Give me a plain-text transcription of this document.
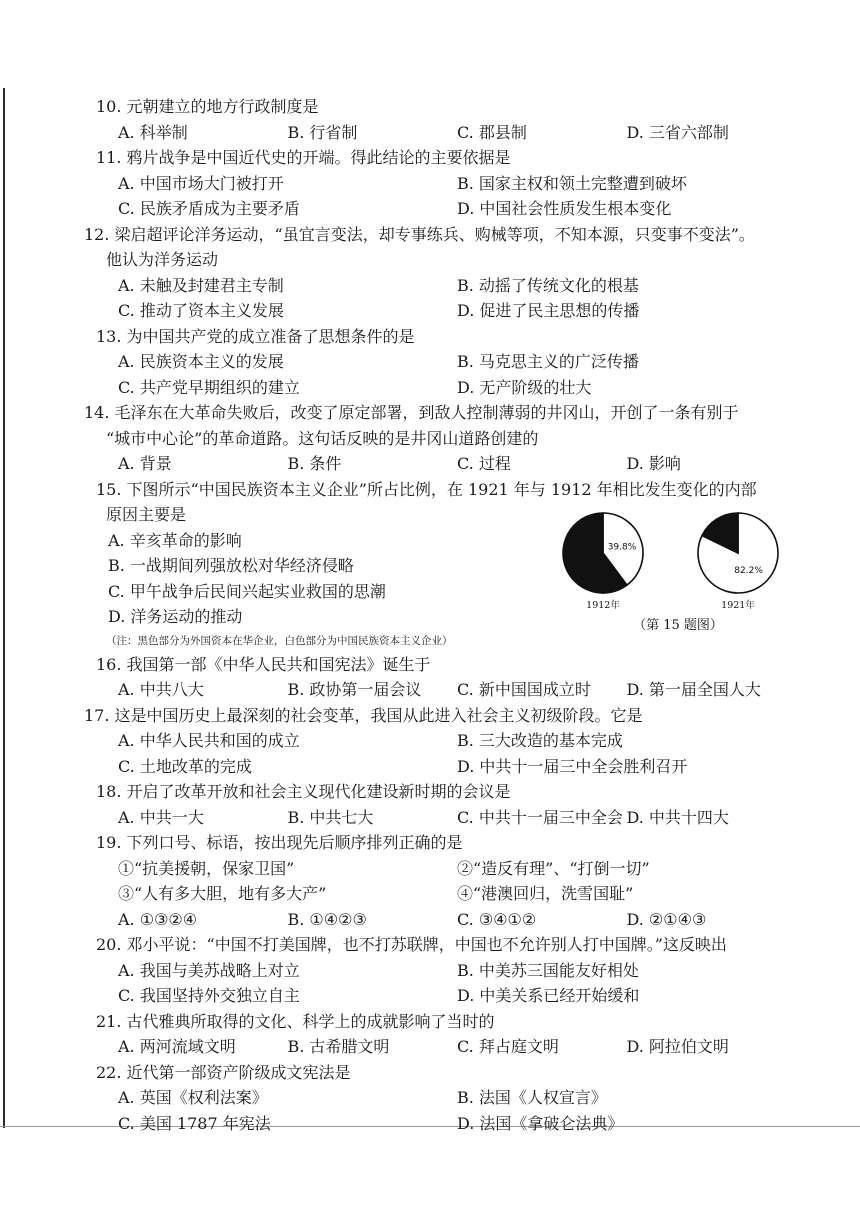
10. 元朝建立的地方行政制度是
A. 科举制	B. 行省制	C. 郡县制	D. 三省六部制
11. 鸦片战争是中国近代史的开端。得此结论的主要依据是
A. 中国市场大门被打开	B. 国家主权和领土完整遭到破坏
C. 民族矛盾成为主要矛盾	D. 中国社会性质发生根本变化
12. 梁启超评论洋务运动，“虽宜言变法，却专事练兵、购械等项，不知本源，只变事不变法”。
他认为洋务运动
A. 未触及封建君主专制	B. 动摇了传统文化的根基
C. 推动了资本主义发展	D. 促进了民主思想的传播
13. 为中国共产党的成立准备了思想条件的是
A. 民族资本主义的发展	B. 马克思主义的广泛传播
C. 共产党早期组织的建立	D. 无产阶级的壮大
14. 毛泽东在大革命失败后，改变了原定部署，到敌人控制薄弱的井冈山，开创了一条有别于
“城市中心论”的革命道路。这句话反映的是井冈山道路创建的
A. 背景	B. 条件	C. 过程	D. 影响
15. 下图所示“中国民族资本主义企业”所占比例，在 1921 年与 1912 年相比发生变化的内部
原因主要是
A. 辛亥革命的影响
B. 一战期间列强放松对华经济侵略
C. 甲午战争后民间兴起实业救国的思潮
D. 洋务运动的推动
（注：黑色部分为外国资本在华企业，白色部分为中国民族资本主义企业）
39.8%
1912年
82.2%
1921年
（第 15 题图）
16. 我国第一部《中华人民共和国宪法》诞生于
A. 中共八大	B. 政协第一届会议	C. 新中国国成立时	D. 第一届全国人大
17. 这是中国历史上最深刻的社会变革，我国从此进入社会主义初级阶段。它是
A. 中华人民共和国的成立	B. 三大改造的基本完成
C. 土地改革的完成	D. 中共十一届三中全会胜利召开
18. 开启了改革开放和社会主义现代化建设新时期的会议是
A. 中共一大	B. 中共七大	C. 中共十一届三中全会 D. 中共十四大
19. 下列口号、标语，按出现先后顺序排列正确的是
①“抗美援朝，保家卫国”	②“造反有理”、“打倒一切”
③“人有多大胆，地有多大产”	④“港澳回归，洗雪国耻”
A. ①③②④	B. ①④②③	C. ③④①②	D. ②①④③
20. 邓小平说：“中国不打美国牌，也不打苏联牌，中国也不允许别人打中国牌。”这反映出
A. 我国与美苏战略上对立	B. 中美苏三国能友好相处
C. 我国坚持外交独立自主	D. 中美关系已经开始缓和
21. 古代雅典所取得的文化、科学上的成就影响了当时的
A. 两河流域文明	B. 古希腊文明	C. 拜占庭文明	D. 阿拉伯文明
22. 近代第一部资产阶级成文宪法是
A. 英国《权利法案》	B. 法国《人权宣言》
C. 美国 1787 年宪法	D. 法国《拿破仑法典》
